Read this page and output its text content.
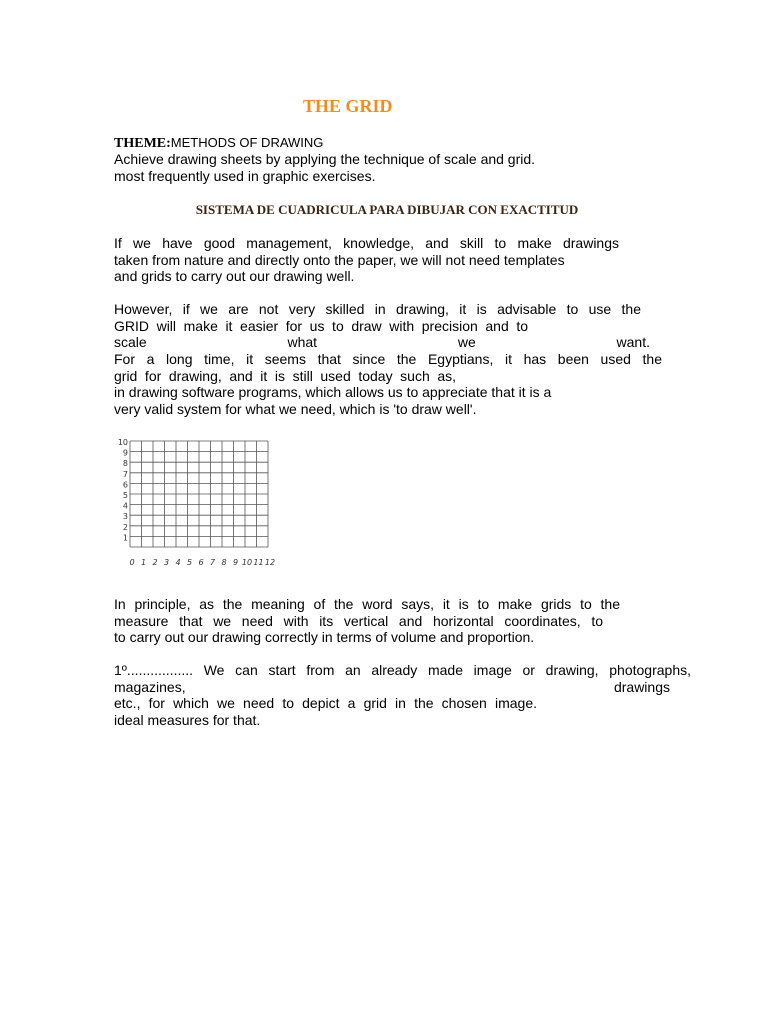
THE GRID
THEME:METHODS OF DRAWING
Achieve drawing sheets by applying the technique of scale and grid.
most frequently used in graphic exercises.
SISTEMA DE CUADRICULA PARA DIBUJAR CON EXACTITUD
If we have good management, knowledge, and skill to make drawings
taken from nature and directly onto the paper, we will not need templates
and grids to carry out our drawing well.
However, if we are not very skilled in drawing, it is advisable to use the
GRID will make it easier for us to draw with precision and to
scale what we want.
For a long time, it seems that since the Egyptians, it has been used the
grid for drawing, and it is still used today such as,
in drawing software programs, which allows us to appreciate that it is a
very valid system for what we need, which is 'to draw well'.
10
9
8
7
6
5
4
3
2
1
0 1 2 3 4 5 6 7 8 9 10 11 12
In principle, as the meaning of the word says, it is to make grids to the
measure that we need with its vertical and horizontal coordinates, to
to carry out our drawing correctly in terms of volume and proportion.
1º................. We can start from an already made image or drawing, photographs,
magazines, drawings
etc., for which we need to depict a grid in the chosen image.
ideal measures for that.
